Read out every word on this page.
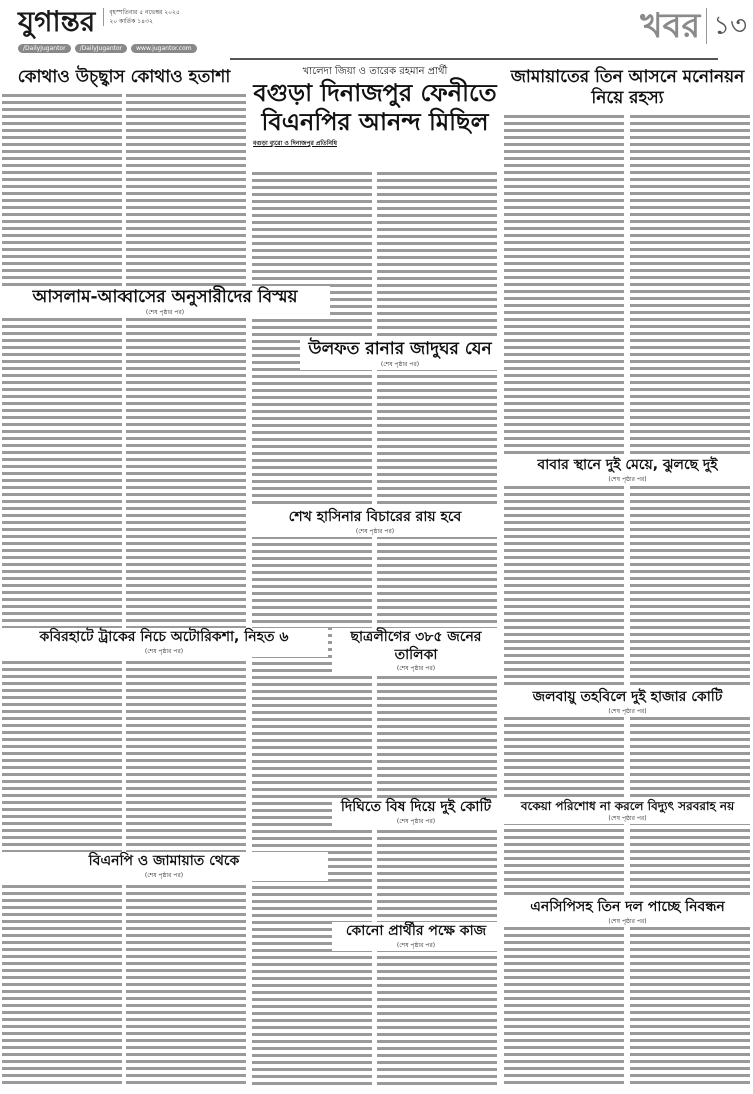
যুগান্তর বৃহস্পতিবার ৫ নভেম্বর ২০২৫
২০ কার্তিক ১৪৩২
/DailyJugantor	/DailyJugantor	www.jugantor.com
খবর ১৩
কোথাও উচ্ছ্বাস কোথাও হতাশা	খালেদা জিয়া ও তারেক রহমান প্রার্থী
বগুড়া দিনাজপুর ফেনীতে
বিএনপির আনন্দ মিছিল
বগুড়া ব্যুরো ও দিনাজপুর প্রতিনিধি
জামায়াতের তিন আসনে মনোনয়ন নিয়ে রহস্য
আসলাম-আব্বাসের অনুসারীদের বিস্ময়
(শেষ পৃষ্ঠার পর)
উলফত রানার জাদুঘর যেন
(শেষ পৃষ্ঠার পর)
বাবার স্থানে দুই মেয়ে, ঝুলছে দুই
(শেষ পৃষ্ঠার পর)
শেখ হাসিনার বিচারের রায় হবে
(শেষ পৃষ্ঠার পর)
কবিরহাটে ট্রাকের নিচে অটোরিকশা, নিহত ৬
(শেষ পৃষ্ঠার পর)
ছাত্রলীগের ৩৮৫ জনের তালিকা
(শেষ পৃষ্ঠার পর)
জলবায়ু তহবিলে দুই হাজার কোটি
(শেষ পৃষ্ঠার পর)
দিঘিতে বিষ দিয়ে দুই কোটি
(শেষ পৃষ্ঠার পর)
বকেয়া পরিশোধ না করলে বিদ্যুৎ সরবরাহ নয়
(শেষ পৃষ্ঠার পর)
বিএনপি ও জামায়াত থেকে
(শেষ পৃষ্ঠার পর)
এনসিপিসহ তিন দল পাচ্ছে নিবন্ধন
(শেষ পৃষ্ঠার পর)
কোনো প্রার্থীর পক্ষে কাজ
(শেষ পৃষ্ঠার পর)
